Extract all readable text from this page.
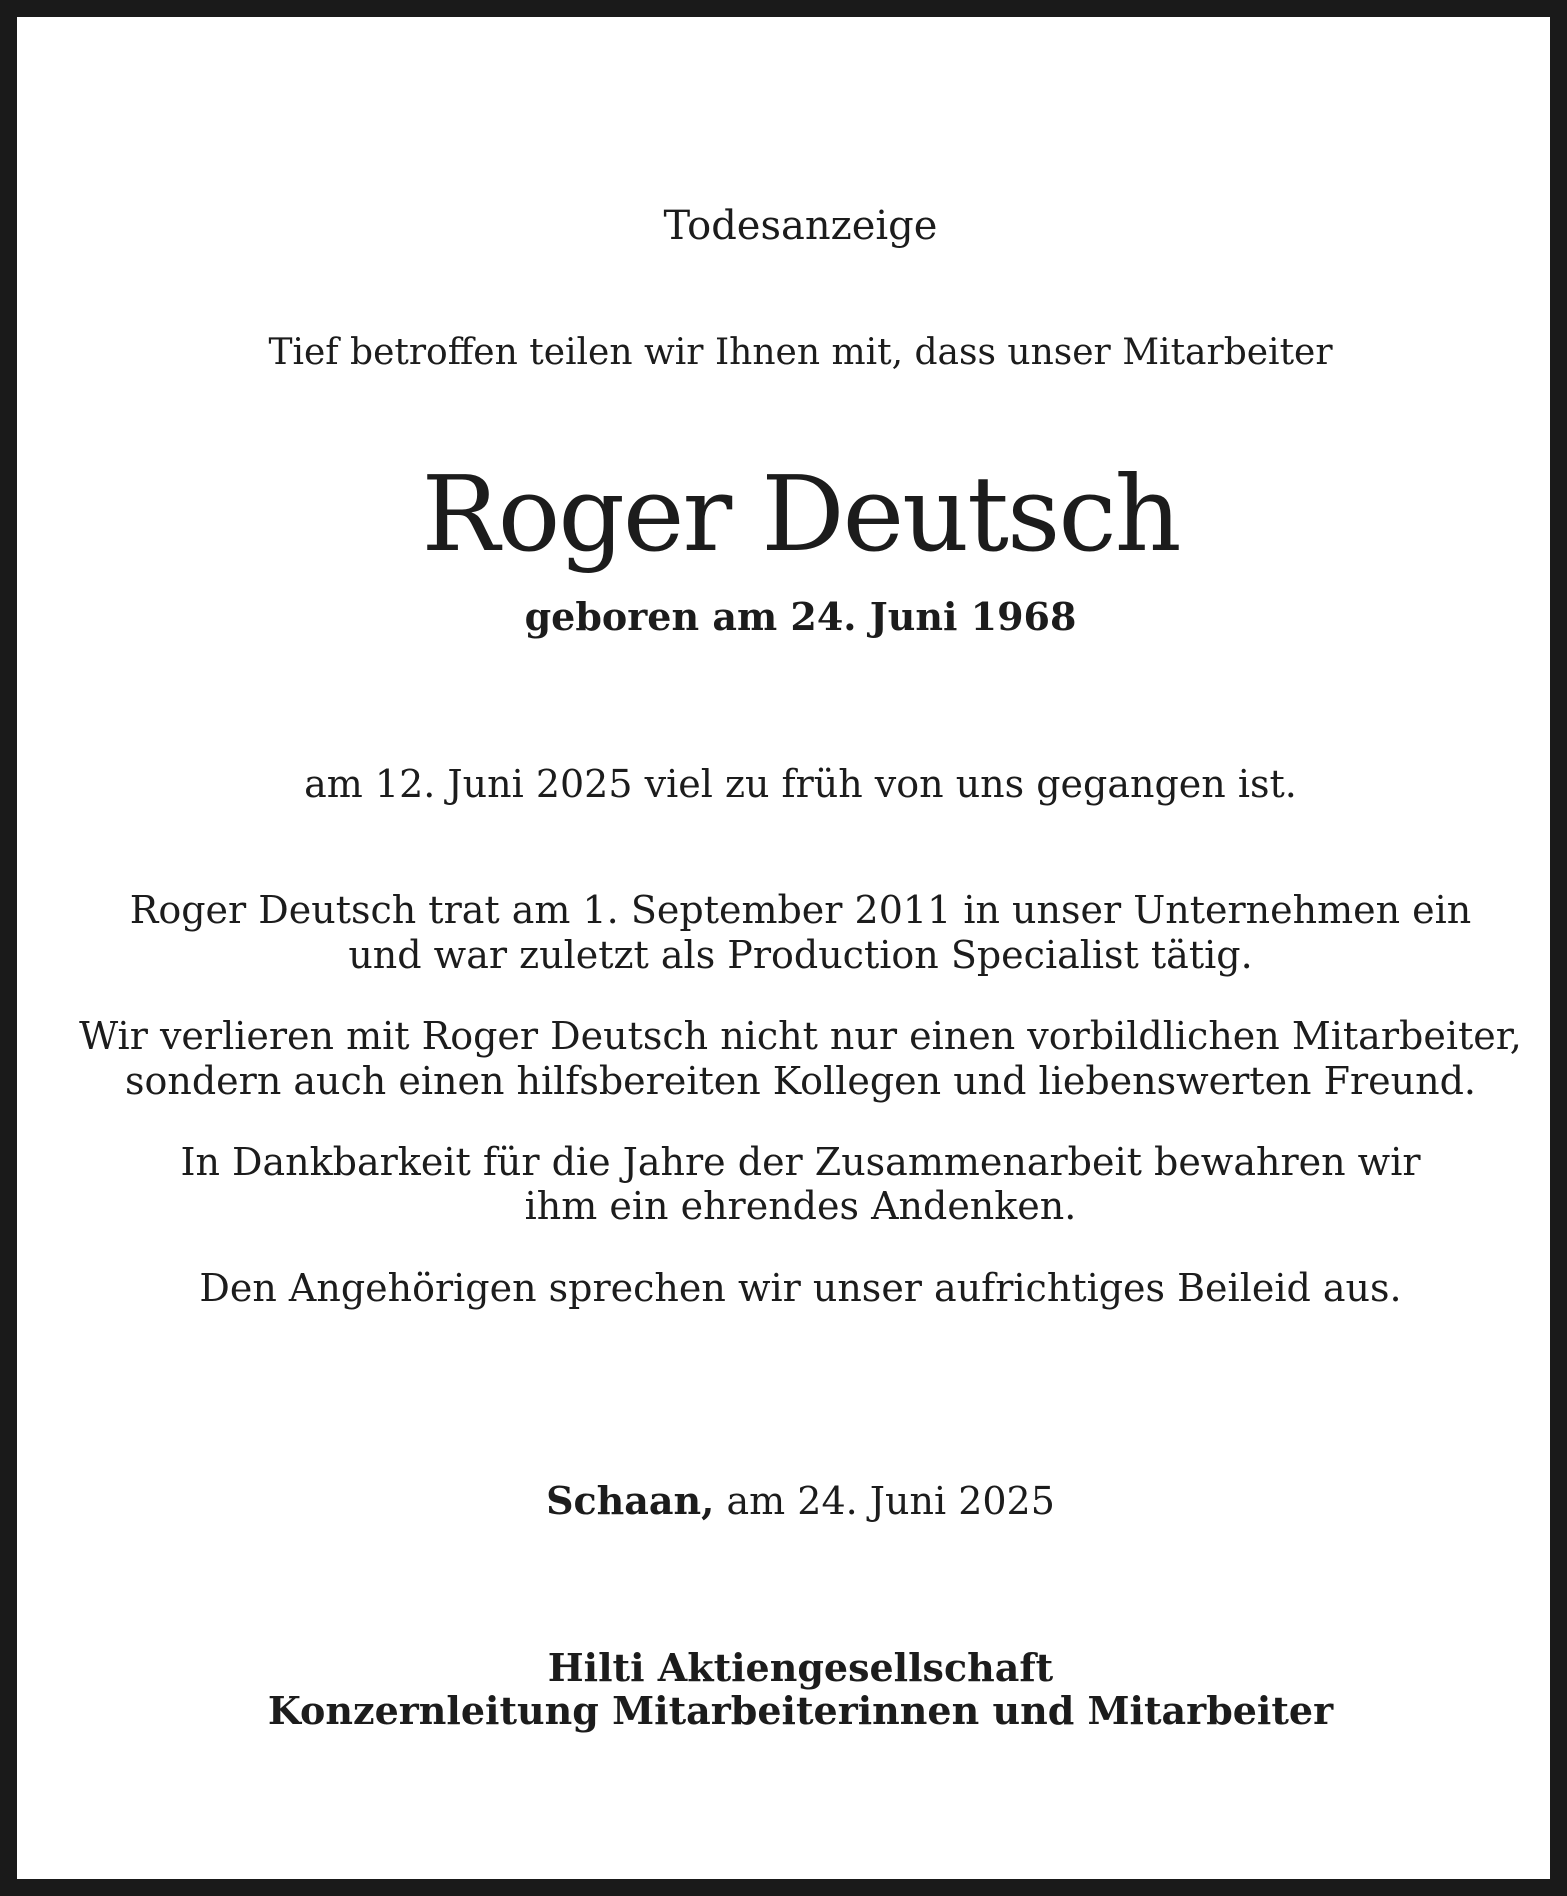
Todesanzeige

Tief betroffen teilen wir Ihnen mit, dass unser Mitarbeiter

Roger Deutsch

geboren am 24. Juni 1968

am 12. Juni 2025 viel zu früh von uns gegangen ist.

Roger Deutsch trat am 1. September 2011 in unser Unternehmen ein

und war zuletzt als Production Specialist tätig.

Wir verlieren mit Roger Deutsch nicht nur einen vorbildlichen Mitarbeiter,

sondern auch einen hilfsbereiten Kollegen und liebenswerten Freund.

In Dankbarkeit für die Jahre der Zusammenarbeit bewahren wir

ihm ein ehrendes Andenken.

Den Angehörigen sprechen wir unser aufrichtiges Beileid aus.

Schaan, am 24. Juni 2025

Hilti Aktiengesellschaft

Konzernleitung Mitarbeiterinnen und Mitarbeiter
